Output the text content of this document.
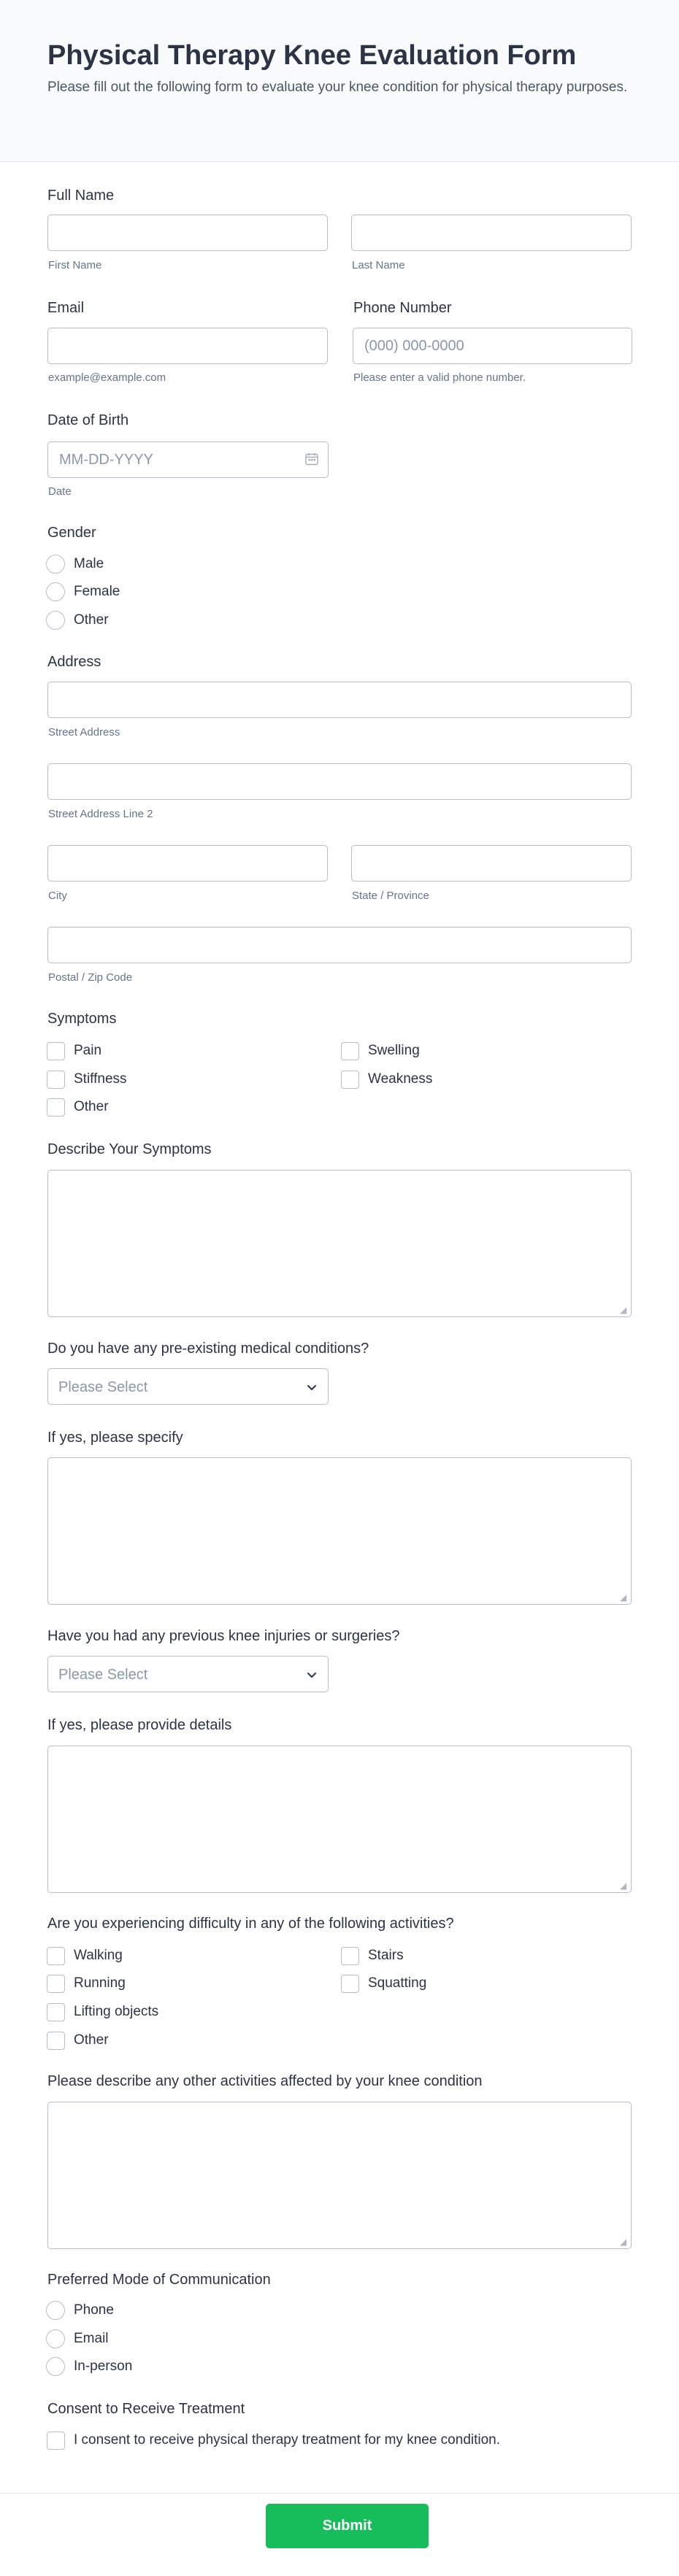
Physical Therapy Knee Evaluation Form

Please fill out the following form to evaluate your knee condition for physical therapy purposes.

Full Name
First Name	Last Name
Email
example@example.com
Phone Number
(000) 000-0000
Please enter a valid phone number.
Date of Birth
MM-DD-YYYY
Date
Gender
Male
Female
Other
Address
Street Address
Street Address Line 2
City	State / Province
Postal / Zip Code
Symptoms
Pain	Swelling
Stiffness	Weakness
Other
Describe Your Symptoms
◢
Do you have any pre-existing medical conditions?
Please Select
If yes, please specify
◢
Have you had any previous knee injuries or surgeries?
Please Select
If yes, please provide details
◢
Are you experiencing difficulty in any of the following activities?
Walking	Stairs
Running	Squatting
Lifting objects
Other
Please describe any other activities affected by your knee condition
◢
Preferred Mode of Communication
Phone
Email
In-person
Consent to Receive Treatment
I consent to receive physical therapy treatment for my knee condition.
Submit
